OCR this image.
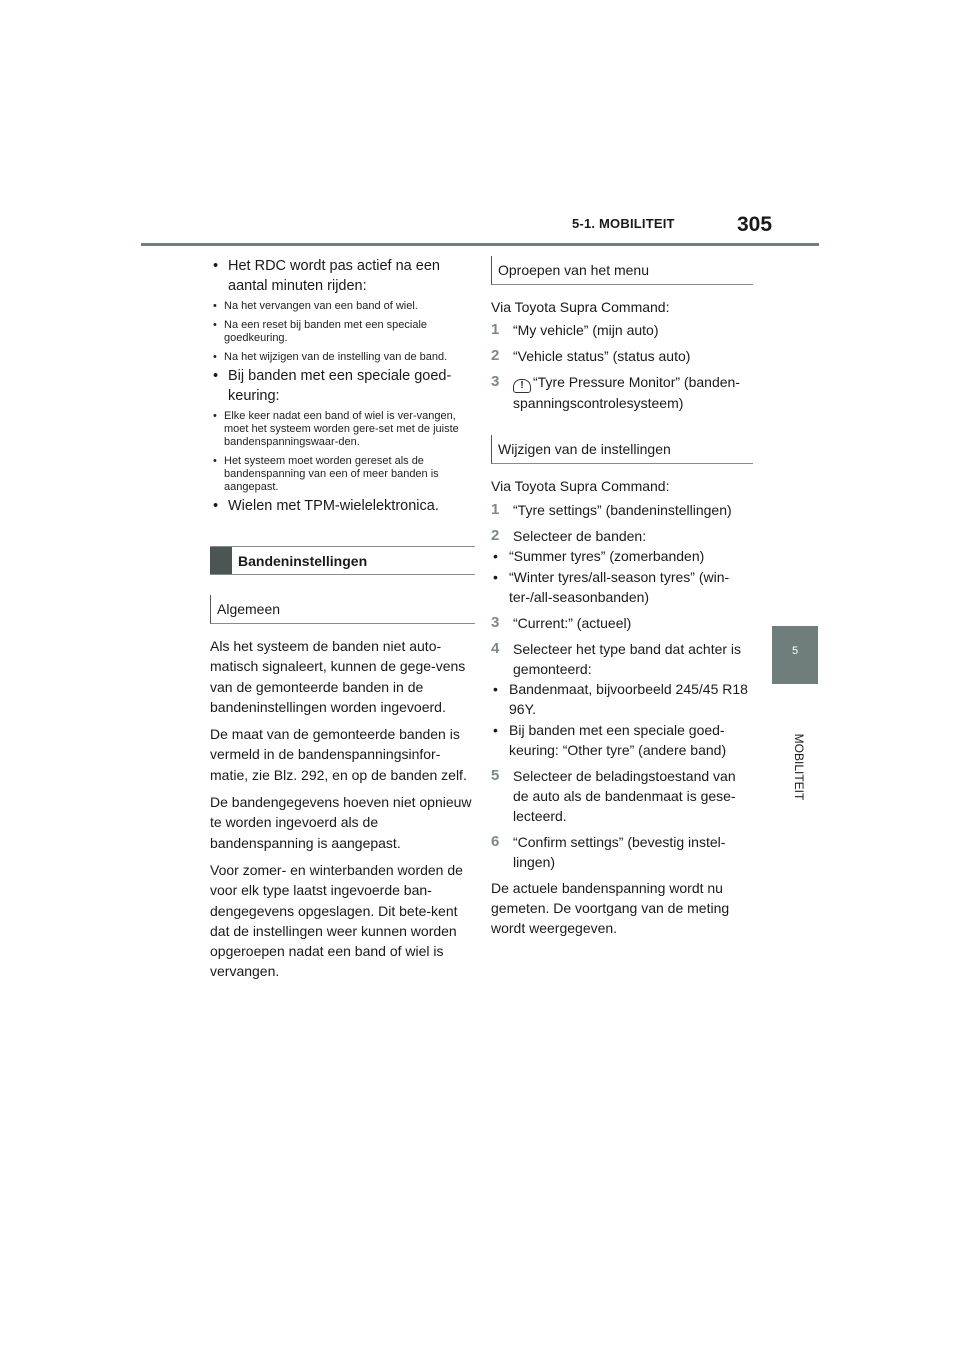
5-1. MOBILITEIT	305
5
MOBILITEIT
• Het RDC wordt pas actief na een aantal minuten rijden:
• Na het vervangen van een band of wiel.
• Na een reset bij banden met een speciale goedkeuring.
• Na het wijzigen van de instelling van de band.
• Bij banden met een speciale goed-keuring:
• Elke keer nadat een band of wiel is ver-vangen, moet het systeem worden gere-set met de juiste bandenspanningswaar-den.
• Het systeem moet worden gereset als de bandenspanning van een of meer banden is aangepast.
• Wielen met TPM-wielelektronica.
Bandeninstellingen
Algemeen

Als het systeem de banden niet auto-matisch signaleert, kunnen de gege-vens van de gemonteerde banden in de bandeninstellingen worden ingevoerd.

De maat van de gemonteerde banden is vermeld in de bandenspanningsinfor-matie, zie Blz. 292, en op de banden zelf.

De bandengegevens hoeven niet opnieuw te worden ingevoerd als de bandenspanning is aangepast.

Voor zomer- en winterbanden worden de voor elk type laatst ingevoerde ban-dengegevens opgeslagen. Dit bete-kent dat de instellingen weer kunnen worden opgeroepen nadat een band of wiel is vervangen.

Oproepen van het menu

Via Toyota Supra Command:

1 “My vehicle” (mijn auto)
2 “Vehicle status” (status auto)
3	! “Tyre Pressure Monitor” (banden-spanningscontrolesysteem)
Wijzigen van de instellingen

Via Toyota Supra Command:

1 “Tyre settings” (bandeninstellingen)
2 Selecteer de banden:
• “Summer tyres” (zomerbanden)
• “Winter tyres/all-season tyres” (win-ter-/all-seasonbanden)
3 “Current:” (actueel)
4 Selecteer het type band dat achter is gemonteerd:
• Bandenmaat, bijvoorbeeld 245/45 R18 96Y.
• Bij banden met een speciale goed-keuring: “Other tyre” (andere band)
5 Selecteer de beladingstoestand van de auto als de bandenmaat is gese-lecteerd.
6 “Confirm settings” (bevestig instel-lingen)

De actuele bandenspanning wordt nu gemeten. De voortgang van de meting wordt weergegeven.
